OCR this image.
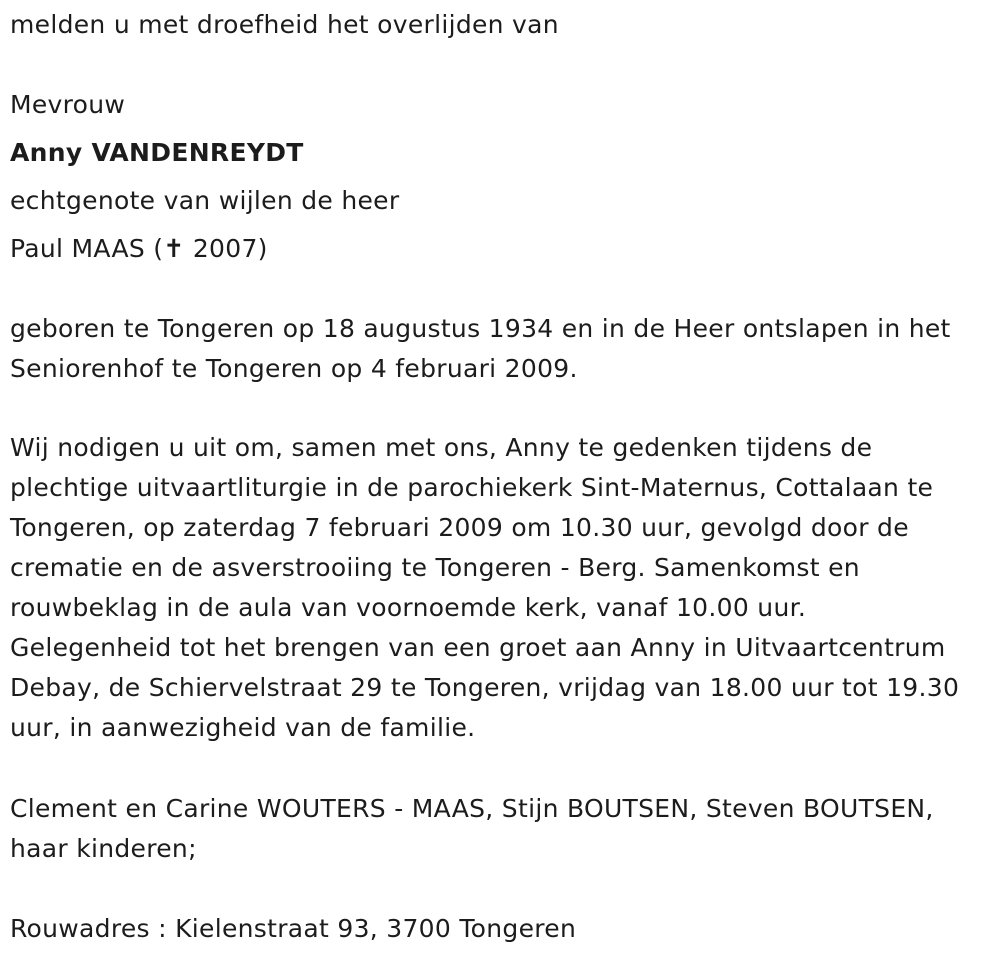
melden u met droefheid het overlijden van
Mevrouw
Anny VANDENREYDT
echtgenote van wijlen de heer
Paul MAAS (✝ 2007)
geboren te Tongeren op 18 augustus 1934 en in de Heer ontslapen in het
Seniorenhof te Tongeren op 4 februari 2009.
Wij nodigen u uit om, samen met ons, Anny te gedenken tijdens de
plechtige uitvaartliturgie in de parochiekerk Sint-Maternus, Cottalaan te
Tongeren, op zaterdag 7 februari 2009 om 10.30 uur, gevolgd door de
crematie en de asverstrooiing te Tongeren - Berg. Samenkomst en
rouwbeklag in de aula van voornoemde kerk, vanaf 10.00 uur.
Gelegenheid tot het brengen van een groet aan Anny in Uitvaartcentrum
Debay, de Schiervelstraat 29 te Tongeren, vrijdag van 18.00 uur tot 19.30
uur, in aanwezigheid van de familie.
Clement en Carine WOUTERS - MAAS, Stijn BOUTSEN, Steven BOUTSEN,
haar kinderen;
Rouwadres : Kielenstraat 93, 3700 Tongeren
